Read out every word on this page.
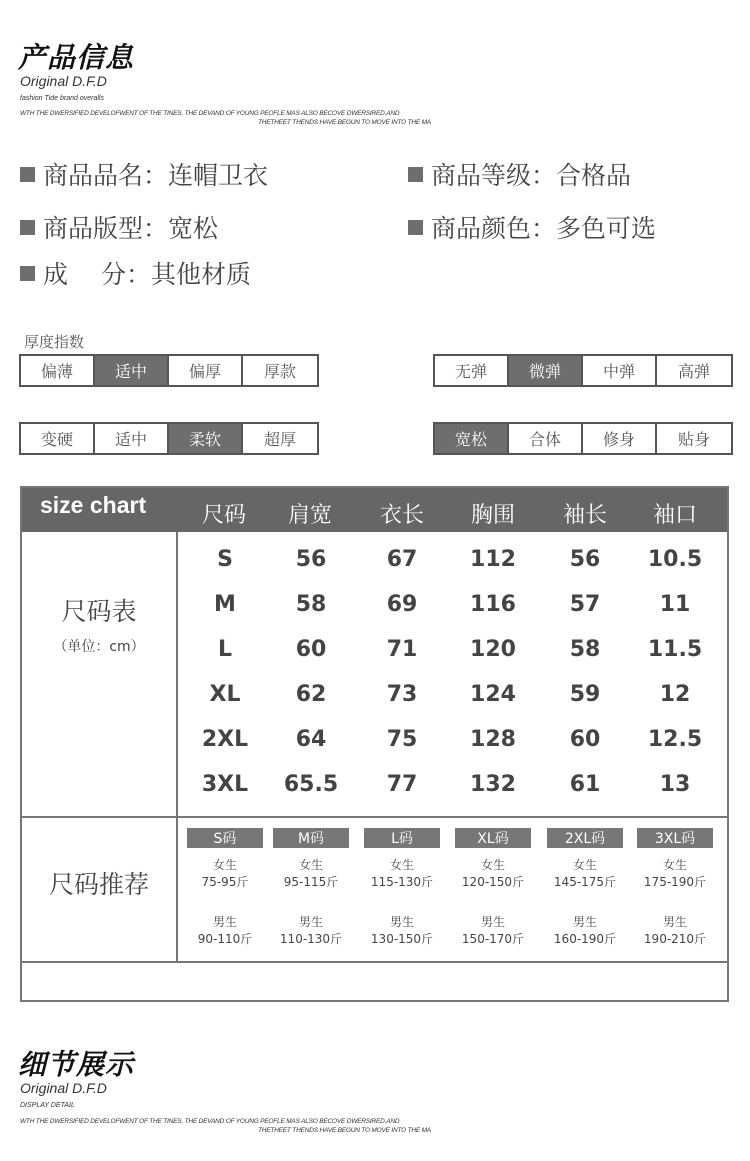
产品信息
Original D.F.D
fashion Tide brand overalls
WTH THE DWERSIFIED DEVELOFWENT OF THE TINES, THE DEVAND OF YOUNG PEOFLE MAS ALSO BECOVE DWERSIRED,AND
THETHEET THENDS HAVE BEGUN TO MOVE INTO THE MA
商品品名：连帽卫衣	商品等级：合格品
商品版型：宽松	商品颜色：多色可选
成　 分：其他材质
厚度指数
偏薄	适中	偏厚	厚款	无弹	微弹	中弹	高弹
变硬	适中	柔软	超厚	宽松	合体	修身	贴身
size chart	尺码	肩宽	衣长	胸围	袖长	袖口
尺码表
（单位：cm）
S	56	67	112	56	10.5
M	58	69	116	57	11
L	60	71	120	58	11.5
XL	62	73	124	59	12
2XL	64	75	128	60	12.5
3XL	65.5	77	132	61	13
尺码推荐
S码
女生
75-95斤
男生
90-110斤
M码
女生
95-115斤
男生
110-130斤
L码
女生
115-130斤
男生
130-150斤
XL码
女生
120-150斤
男生
150-170斤
2XL码
女生
145-175斤
男生
160-190斤
3XL码
女生
175-190斤
男生
190-210斤
细节展示
Original D.F.D
DISPLAY DETAIL
WTH THE DWERSIFIED DEVELOFWENT OF THE TINES, THE DEVAND OF YOUNG PEOFLE MAS ALSO BECOVE DWERSIRED,AND
THETHEET THENDS HAVE BEGUN TO MOVE INTO THE MA
